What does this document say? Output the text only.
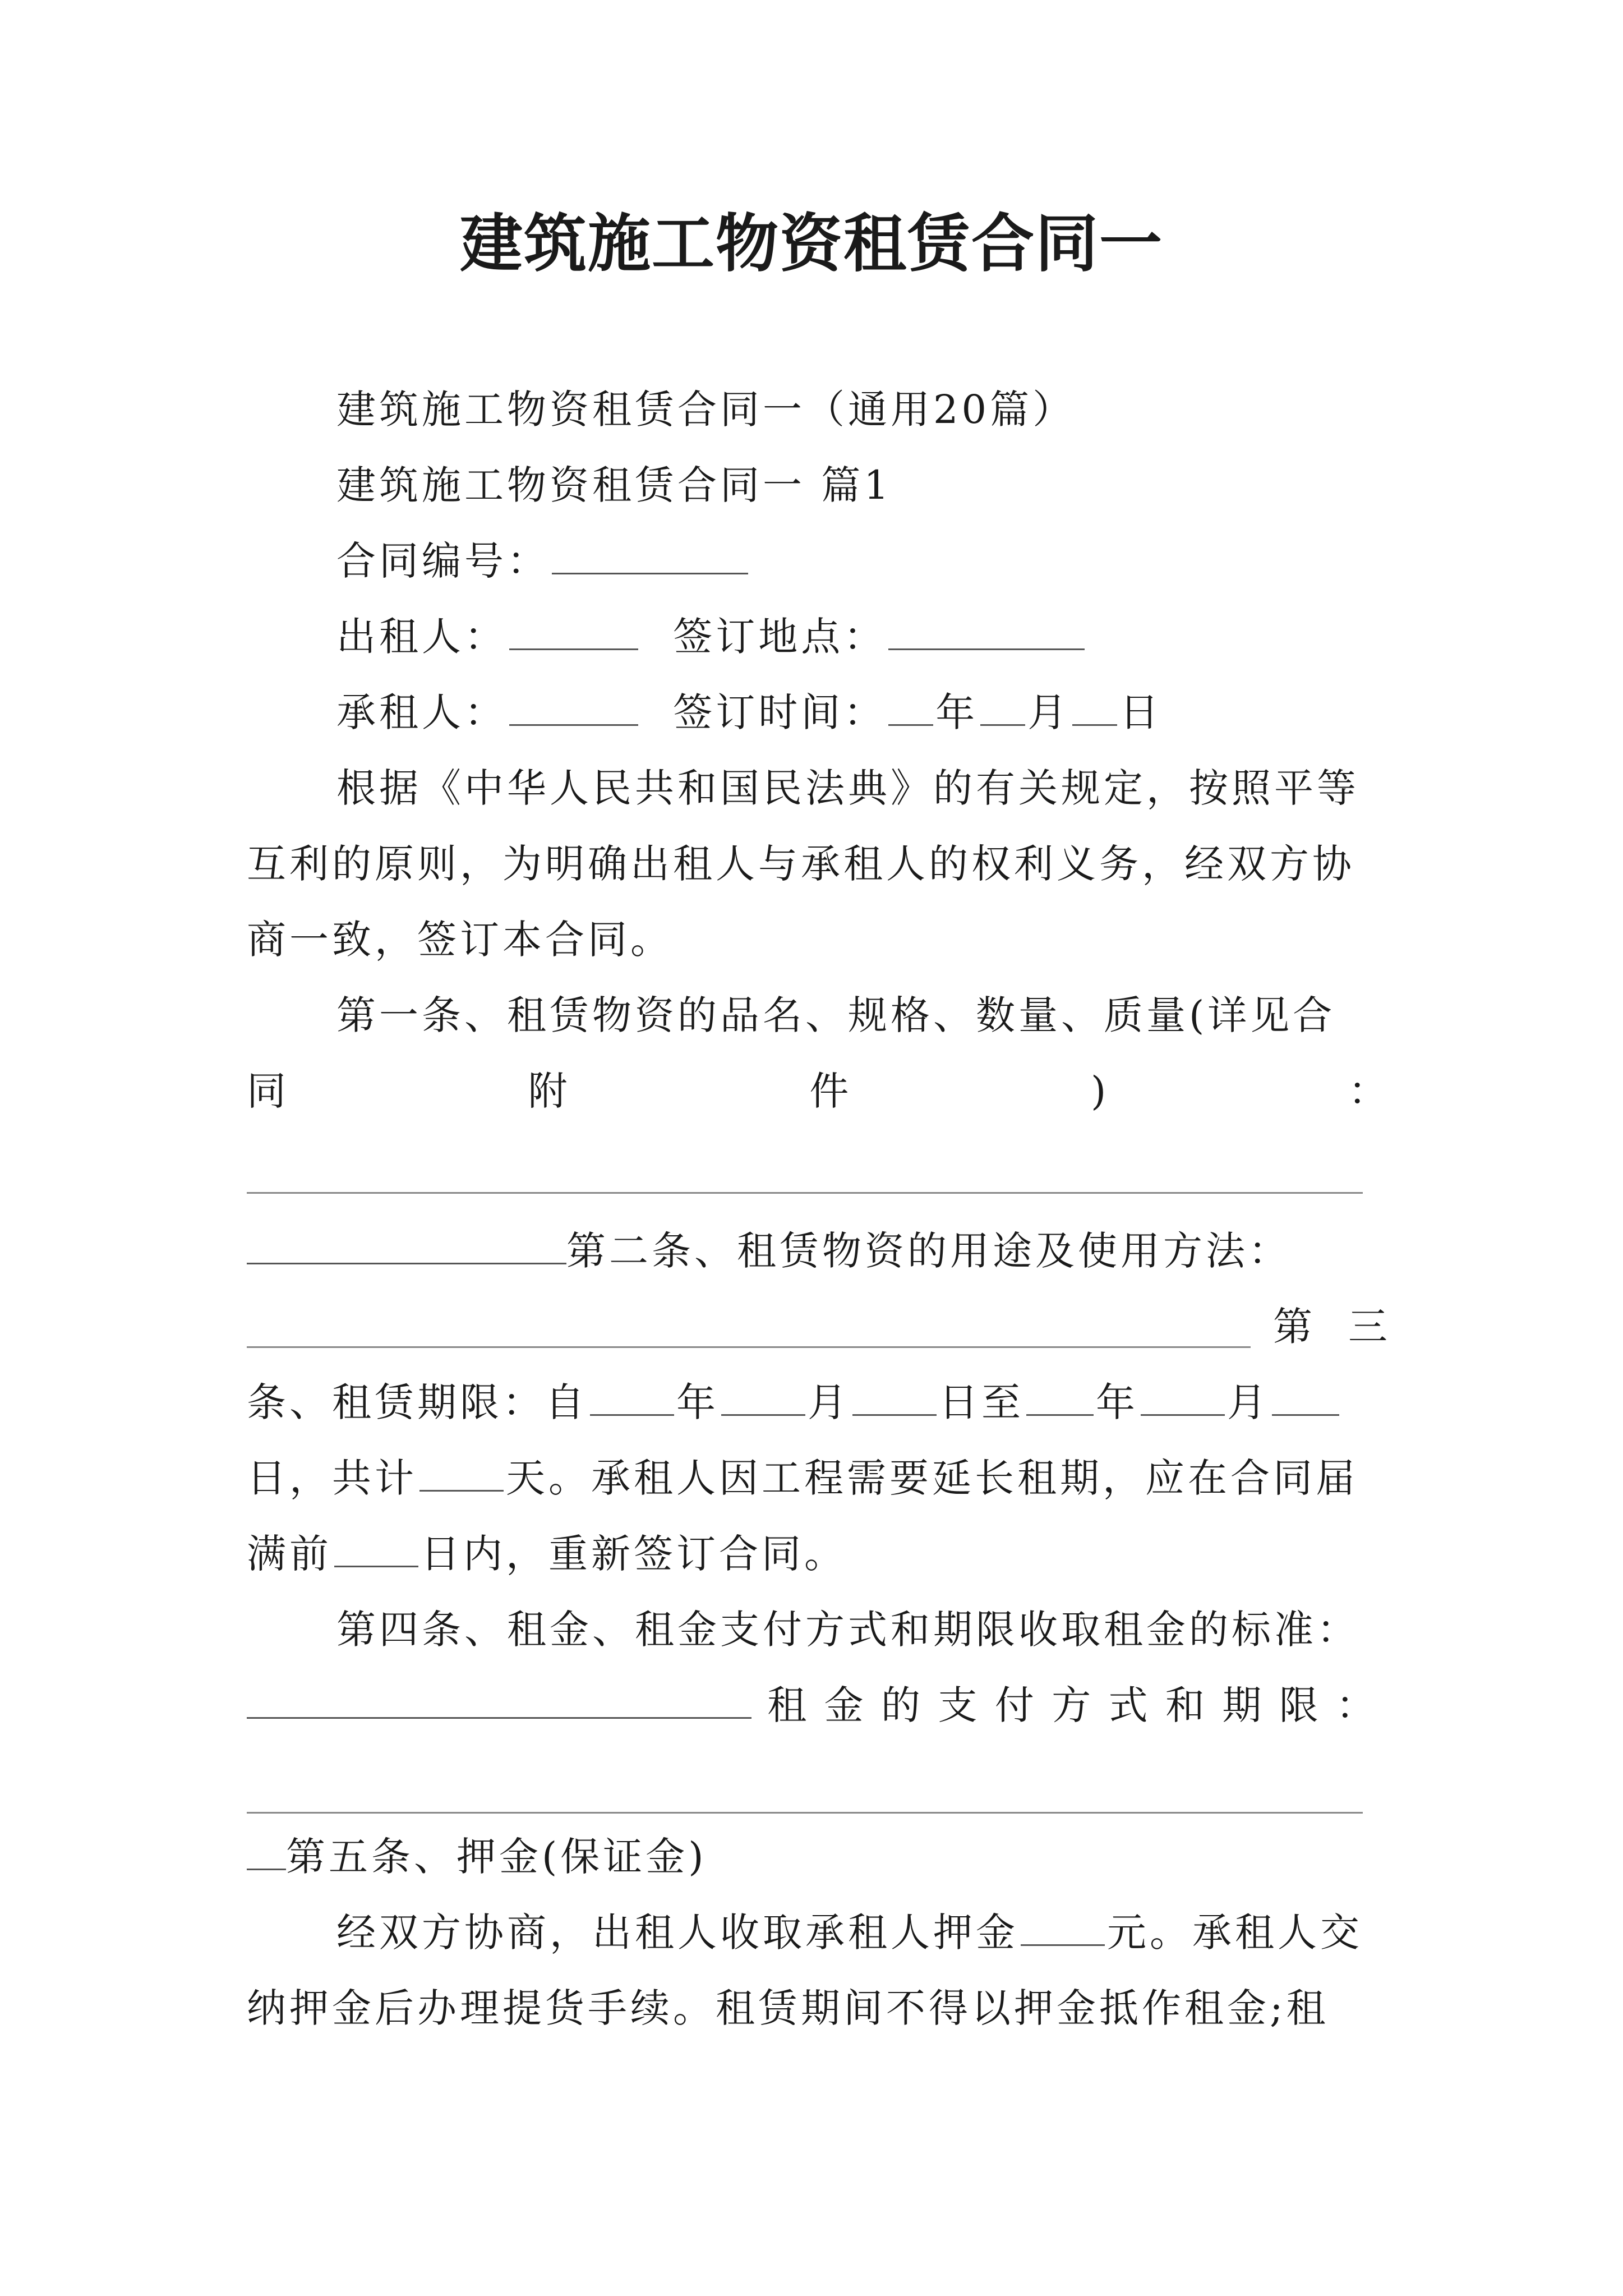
建筑施工物资租赁合同一
建筑施工物资租赁合同一（通用20篇）
建筑施工物资租赁合同一 篇1
合同编号：
出租人：	签订地点：
承租人：	签订时间： 年 月 日
根据《中华人民共和国民法典》的有关规定，按照平等
互利的原则，为明确出租人与承租人的权利义务，经双方协
商一致，签订本合同。
第一条、租赁物资的品名、规格、数量、质量(详见合
同	附	件	)	：
第二条、租赁物资的用途及使用方法：
第 三
条、租赁期限：自 年 月 日至 年 月
日，共计 天。承租人因工程需要延长租期，应在合同届
满前 日内，重新签订合同。
第四条、租金、租金支付方式和期限收取租金的标准：

租 金 的 支 付 方 式 和 期 限 ：
第五条、押金(保证金)
经双方协商，出租人收取承租人押金 元。承租人交
纳押金后办理提货手续。租赁期间不得以押金抵作租金;租
